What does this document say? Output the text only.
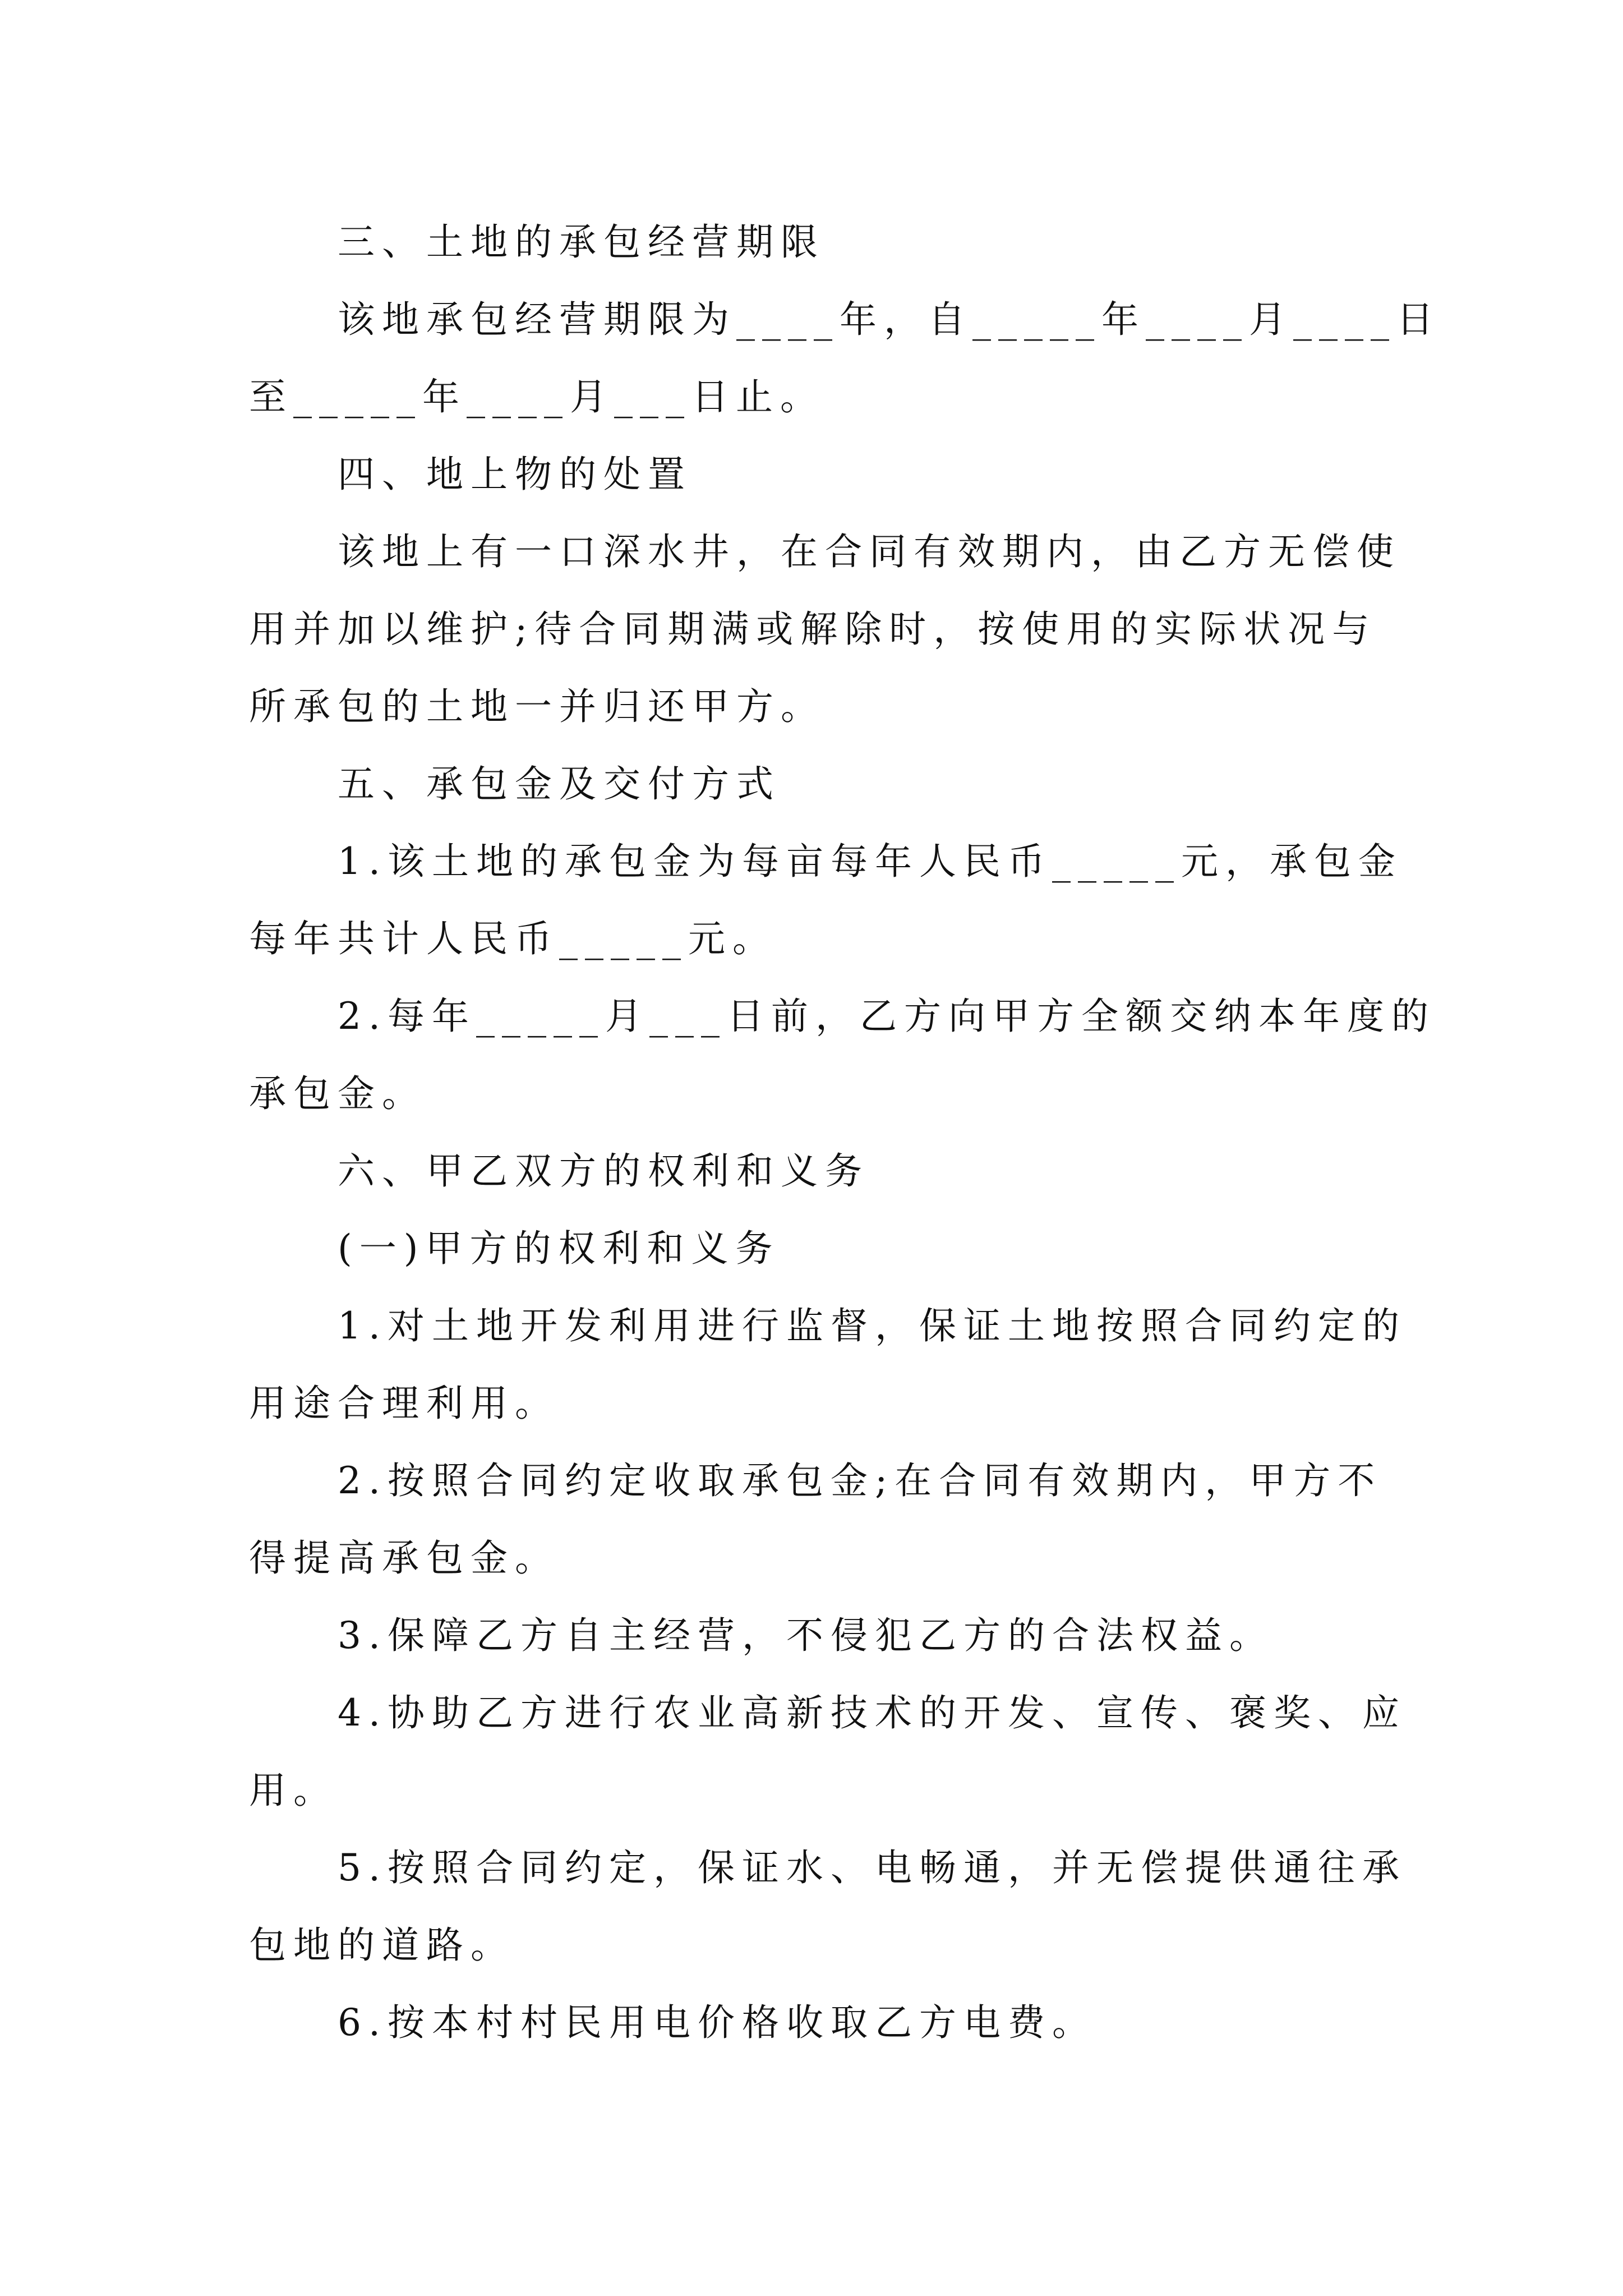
三、土地的承包经营期限
该地承包经营期限为____年，自_____年____月____日
至_____年____月___日止。
四、地上物的处置
该地上有一口深水井，在合同有效期内，由乙方无偿使
用并加以维护;待合同期满或解除时，按使用的实际状况与
所承包的土地一并归还甲方。
五、承包金及交付方式
1.该土地的承包金为每亩每年人民币_____元，承包金
每年共计人民币_____元。
2.每年_____月___日前，乙方向甲方全额交纳本年度的
承包金。
六、甲乙双方的权利和义务
(一)甲方的权利和义务
1.对土地开发利用进行监督，保证土地按照合同约定的
用途合理利用。
2.按照合同约定收取承包金;在合同有效期内，甲方不
得提高承包金。
3.保障乙方自主经营，不侵犯乙方的合法权益。
4.协助乙方进行农业高新技术的开发、宣传、褒奖、应
用。
5.按照合同约定，保证水、电畅通，并无偿提供通往承
包地的道路。
6.按本村村民用电价格收取乙方电费。
